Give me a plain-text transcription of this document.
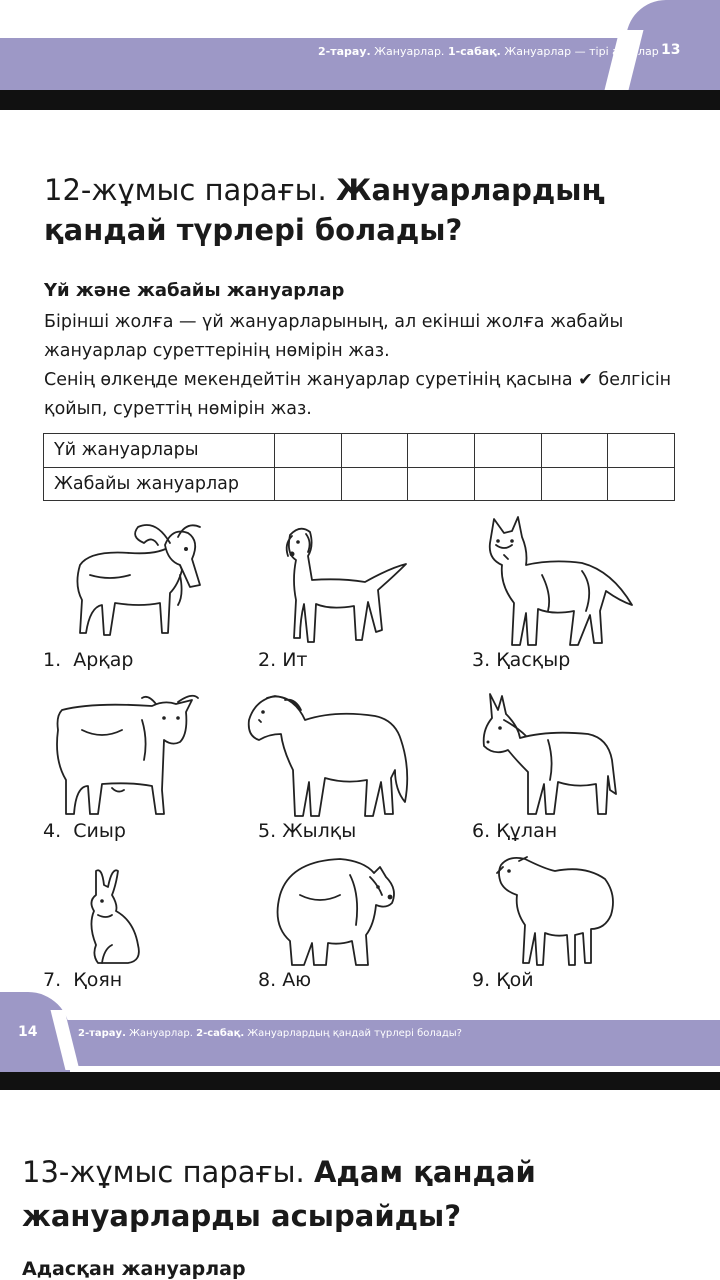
2-тарау. Жануарлар. 1-сабақ. Жануарлар — тірі ағзалар 13
12-жұмыс парағы. Жануарлардың қандай түрлері болады?
Үй және жабайы жануарлар
Бірінші жолға — үй жануарларының, ал екінші жолға жабайы жануарлар суреттерінің нөмірін жаз.
Сенің өлкеңде мекендейтін жануарлар суретінің қасына ✔ белгісін қойып, суреттің нөмірін жаз.
Үй жануарлары						
Жабайы жануарлар						
1. Арқар	2. Ит	3. Қасқыр
4. Сиыр	5. Жылқы	6. Құлан
7. Қоян	8. Аю	9. Қой
14	2-тарау. Жануарлар. 2-сабақ. Жануарлардың қандай түрлері болады?
13-жұмыс парағы. Адам қандай
жануарларды асырайды?
Адасқан жануарлар
